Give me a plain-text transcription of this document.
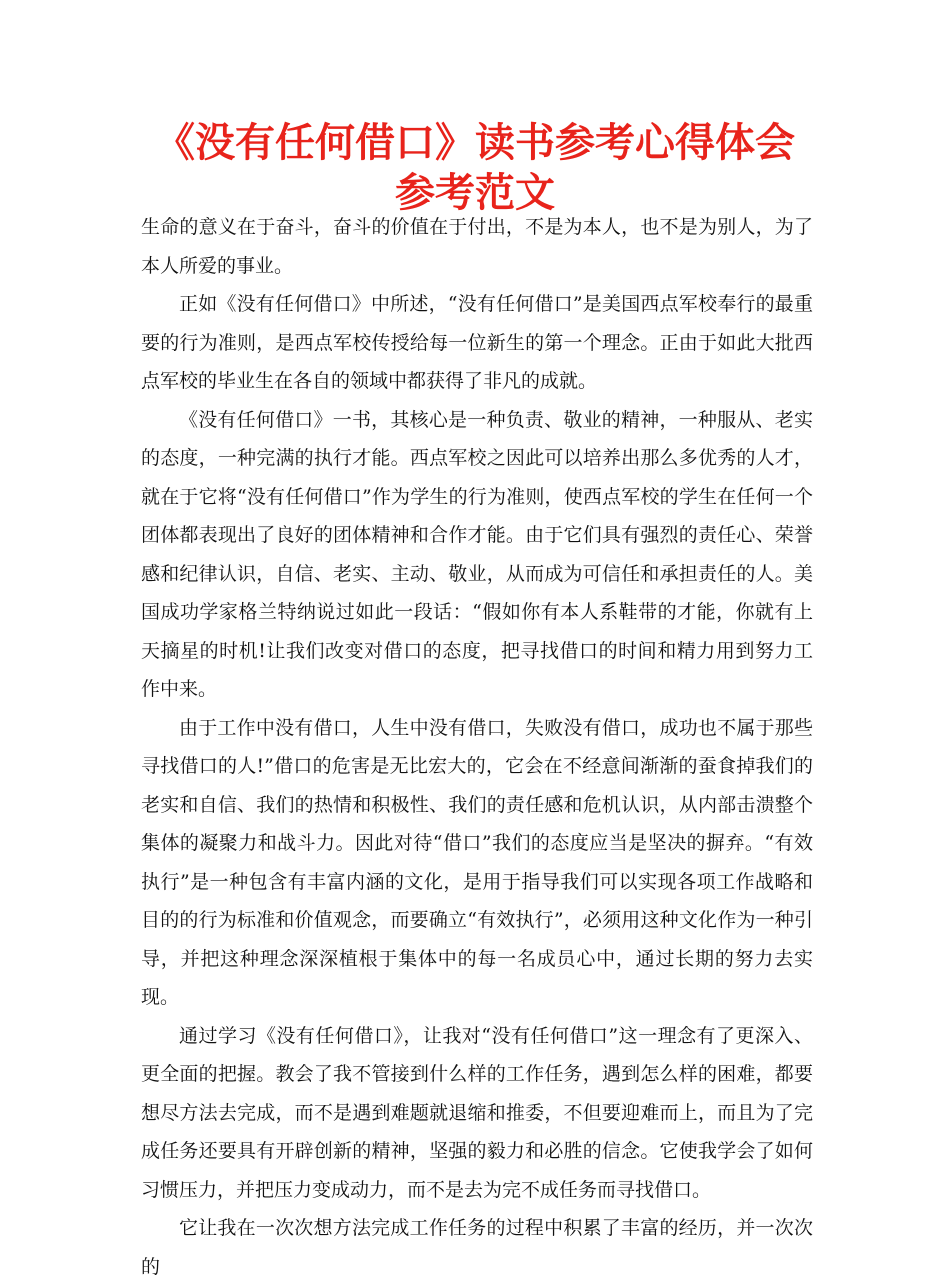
《没有任何借口》读书参考心得体会参考范文

生命的意义在于奋斗，奋斗的价值在于付出，不是为本人，也不是为别人，为了本人所爱的事业。

正如《没有任何借口》中所述，“没有任何借口”是美国西点军校奉行的最重要的行为准则，是西点军校传授给每一位新生的第一个理念。正由于如此大批西点军校的毕业生在各自的领域中都获得了非凡的成就。

《没有任何借口》一书，其核心是一种负责、敬业的精神，一种服从、老实的态度，一种完满的执行才能。西点军校之因此可以培养出那么多优秀的人才，就在于它将“没有任何借口”作为学生的行为准则，使西点军校的学生在任何一个团体都表现出了良好的团体精神和合作才能。由于它们具有强烈的责任心、荣誉感和纪律认识，自信、老实、主动、敬业，从而成为可信任和承担责任的人。美国成功学家格兰特纳说过如此一段话：“假如你有本人系鞋带的才能，你就有上天摘星的时机!让我们改变对借口的态度，把寻找借口的时间和精力用到努力工作中来。

由于工作中没有借口，人生中没有借口，失败没有借口，成功也不属于那些寻找借口的人!”借口的危害是无比宏大的，它会在不经意间渐渐的蚕食掉我们的老实和自信、我们的热情和积极性、我们的责任感和危机认识，从内部击溃整个集体的凝聚力和战斗力。因此对待“借口”我们的态度应当是坚决的摒弃。“有效执行”是一种包含有丰富内涵的文化，是用于指导我们可以实现各项工作战略和目的的行为标准和价值观念，而要确立“有效执行”，必须用这种文化作为一种引导，并把这种理念深深植根于集体中的每一名成员心中，通过长期的努力去实现。

通过学习《没有任何借口》，让我对“没有任何借口”这一理念有了更深入、更全面的把握。教会了我不管接到什么样的工作任务，遇到怎么样的困难，都要想尽方法去完成，而不是遇到难题就退缩和推委，不但要迎难而上，而且为了完成任务还要具有开辟创新的精神，坚强的毅力和必胜的信念。它使我学会了如何习惯压力，并把压力变成动力，而不是去为完不成任务而寻找借口。

它让我在一次次想方法完成工作任务的过程中积累了丰富的经历，并一次次的
